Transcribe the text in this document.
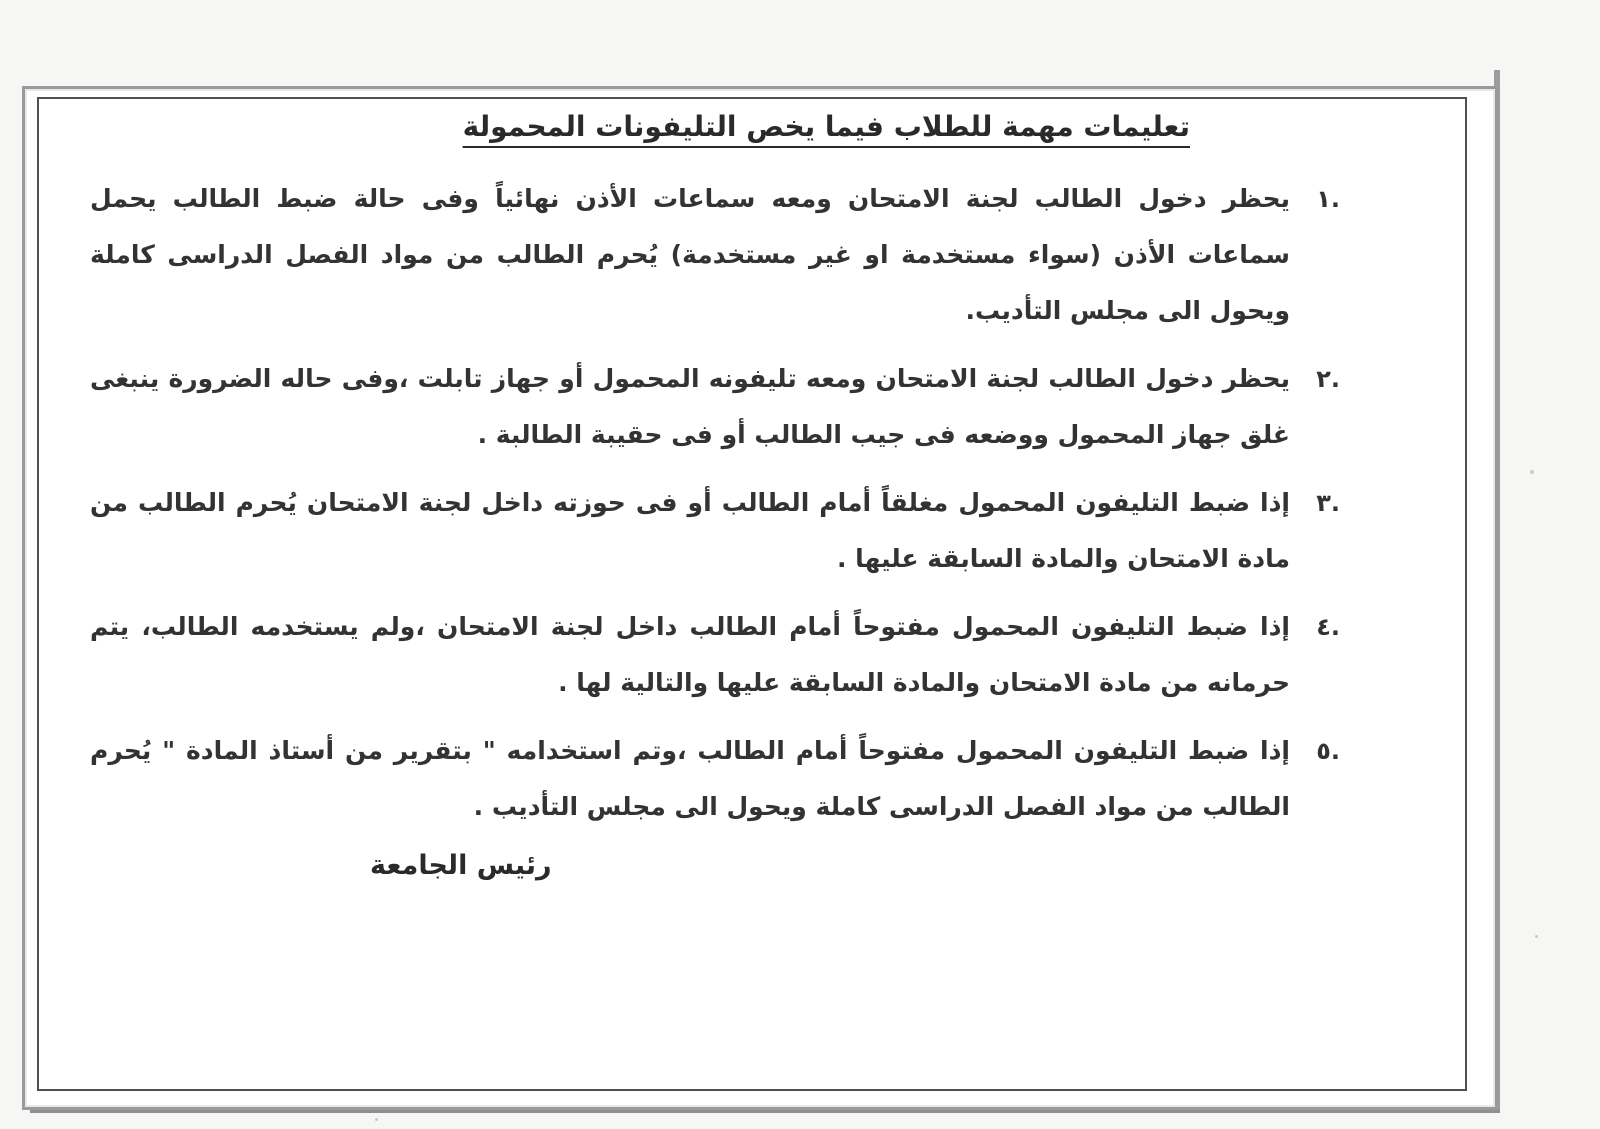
تعليمات مهمة للطلاب فيما يخص التليفونات المحمولة
.١
يحظر دخول الطالب لجنة الامتحان ومعه سماعات الأذن نهائياً وفى حالة ضبط الطالب يحمل سماعات الأذن (سواء مستخدمة او غير مستخدمة) يُحرم الطالب من مواد الفصل الدراسى كاملة ويحول الى مجلس التأديب.
.٢
يحظر دخول الطالب لجنة الامتحان ومعه تليفونه المحمول أو جهاز تابلت ،وفى حاله الضرورة ينبغى غلق جهاز المحمول ووضعه فى جيب الطالب أو فى حقيبة الطالبة .
.٣
إذا ضبط التليفون المحمول مغلقاً أمام الطالب أو فى حوزته داخل لجنة الامتحان يُحرم الطالب من مادة الامتحان والمادة السابقة عليها .
.٤
إذا ضبط التليفون المحمول مفتوحاً أمام الطالب داخل لجنة الامتحان ،ولم يستخدمه الطالب، يتم حرمانه من مادة الامتحان والمادة السابقة عليها والتالية لها .
.٥
إذا ضبط التليفون المحمول مفتوحاً أمام الطالب ،وتم استخدامه " بتقرير من أستاذ المادة " يُحرم الطالب من مواد الفصل الدراسى كاملة ويحول الى مجلس التأديب .
رئيس الجامعة
